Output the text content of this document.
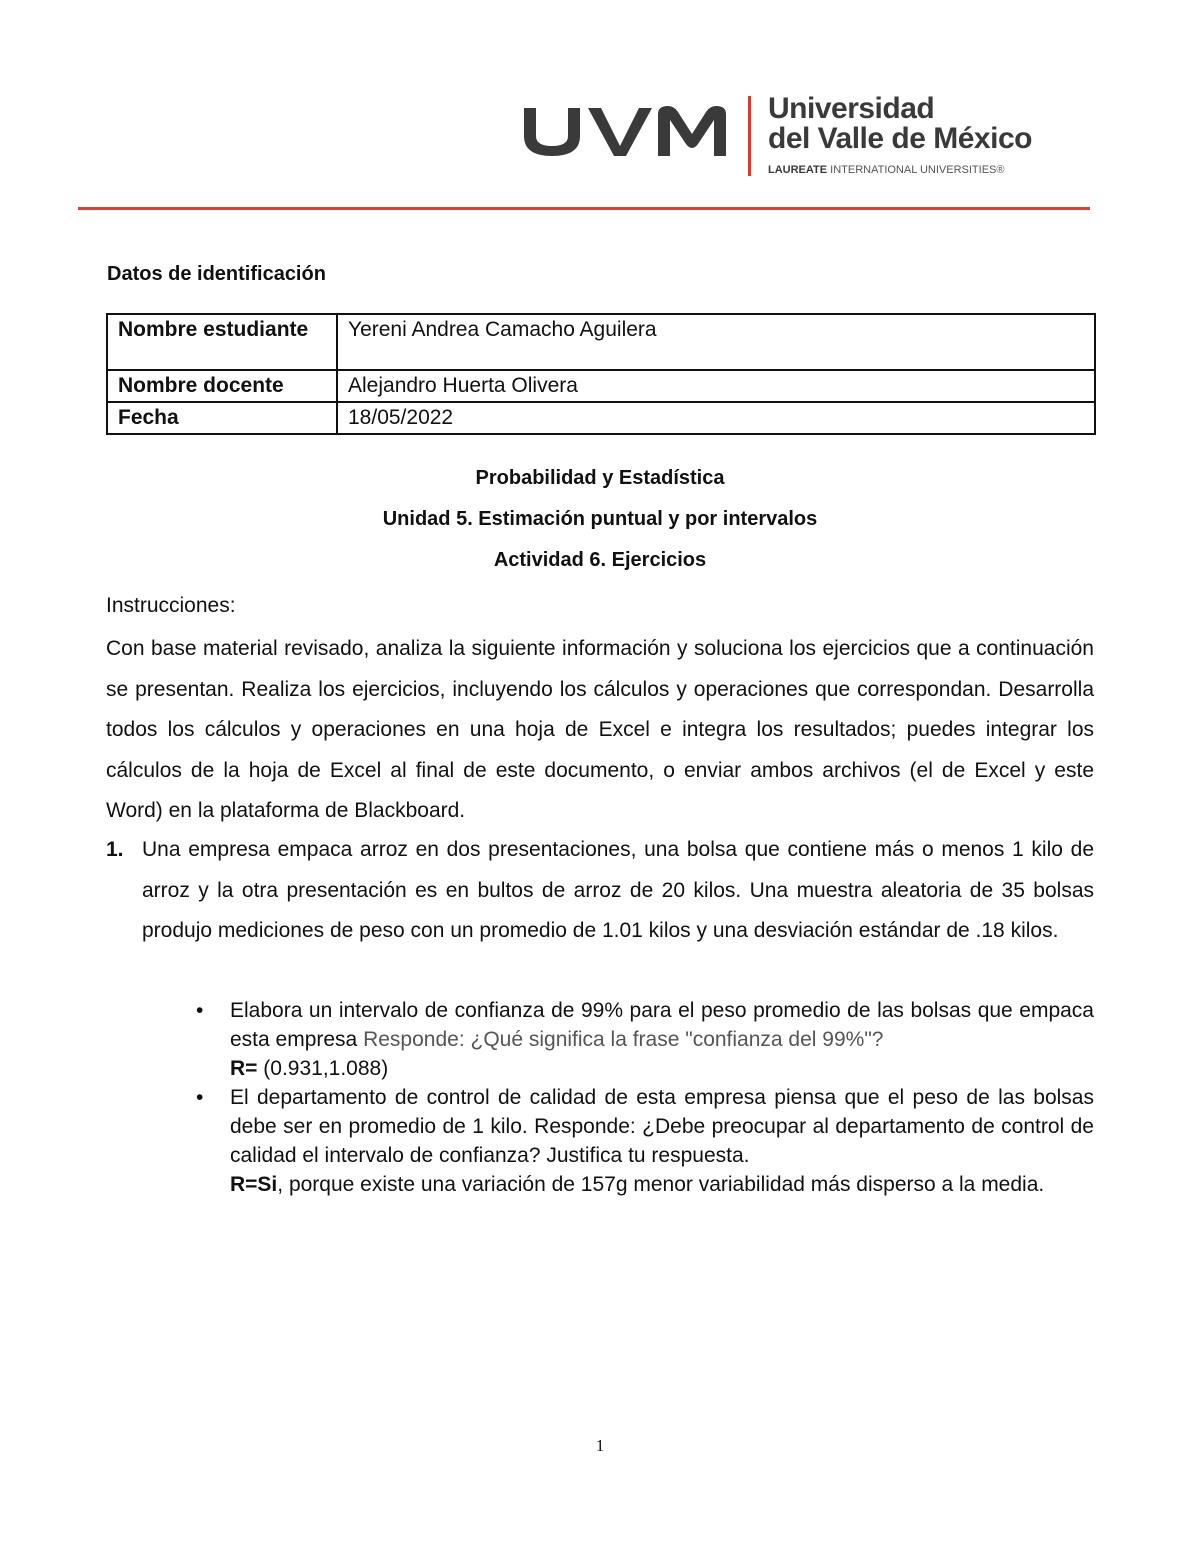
Universidad
del Valle de México
LAUREATE INTERNATIONAL UNIVERSITIES®
Datos de identificación
Nombre estudiante	Yereni Andrea Camacho Aguilera
Nombre docente	Alejandro Huerta Olivera
Fecha	18/05/2022
Probabilidad y Estadística
Unidad 5. Estimación puntual y por intervalos
Actividad 6. Ejercicios
Instrucciones:
Con base material revisado, analiza la siguiente información y soluciona los ejercicios que a continuación se presentan. Realiza los ejercicios, incluyendo los cálculos y operaciones que correspondan. Desarrolla todos los cálculos y operaciones en una hoja de Excel e integra los resultados; puedes integrar los cálculos de la hoja de Excel al final de este documento, o enviar ambos archivos (el de Excel y este Word) en la plataforma de Blackboard.
1. Una empresa empaca arroz en dos presentaciones, una bolsa que contiene más o menos 1 kilo de arroz y la otra presentación es en bultos de arroz de 20 kilos. Una muestra aleatoria de 35 bolsas produjo mediciones de peso con un promedio de 1.01 kilos y una desviación estándar de .18 kilos.
• Elabora un intervalo de confianza de 99% para el peso promedio de las bolsas que empaca esta empresa Responde: ¿Qué significa la frase "confianza del 99%"?
R= (0.931,1.088)
• El departamento de control de calidad de esta empresa piensa que el peso de las bolsas debe ser en promedio de 1 kilo. Responde: ¿Debe preocupar al departamento de control de calidad el intervalo de confianza? Justifica tu respuesta.
R=Si, porque existe una variación de 157g menor variabilidad más disperso a la media.
1
